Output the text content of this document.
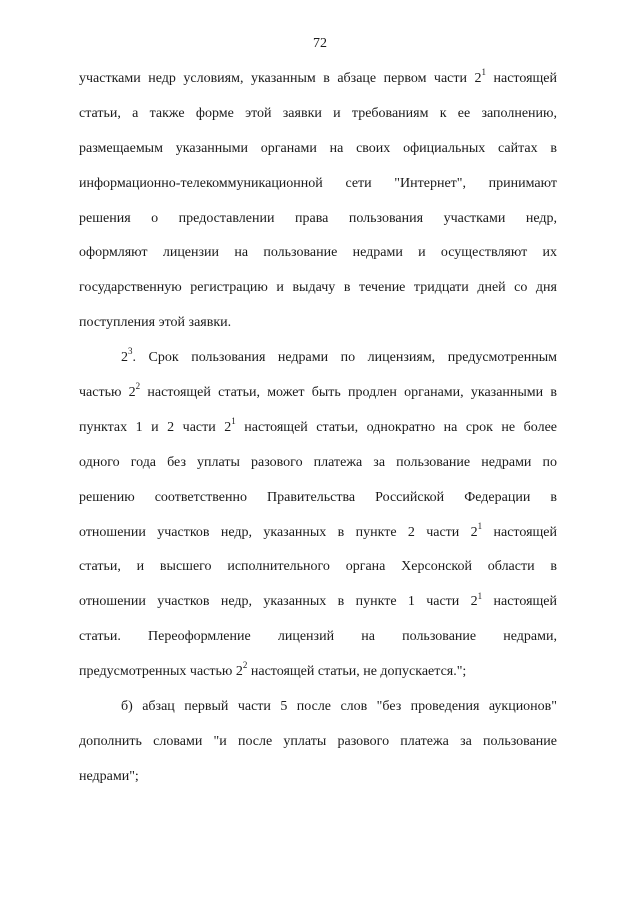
72
участками недр условиям, указанным в абзаце первом части $2^1$ настоящей
статьи, а также форме этой заявки и требованиям к ее заполнению,
размещаемым указанными органами на своих официальных сайтах в
информационно-телекоммуникационной сети "Интернет", принимают
решения о предоставлении права пользования участками недр,
оформляют лицензии на пользование недрами и осуществляют их
государственную регистрацию и выдачу в течение тридцати дней со дня
поступления этой заявки.
$2^3$. Срок пользования недрами по лицензиям, предусмотренным
частью $2^2$ настоящей статьи, может быть продлен органами, указанными в
пунктах 1 и 2 части $2^1$ настоящей статьи, однократно на срок не более
одного года без уплаты разового платежа за пользование недрами по
решению соответственно Правительства Российской Федерации в
отношении участков недр, указанных в пункте 2 части $2^1$ настоящей
статьи, и высшего исполнительного органа Херсонской области в
отношении участков недр, указанных в пункте 1 части $2^1$ настоящей
статьи. Переоформление лицензий на пользование недрами,
предусмотренных частью $2^2$ настоящей статьи, не допускается.";
б) абзац первый части 5 после слов "без проведения аукционов"
дополнить словами "и после уплаты разового платежа за пользование
недрами";
